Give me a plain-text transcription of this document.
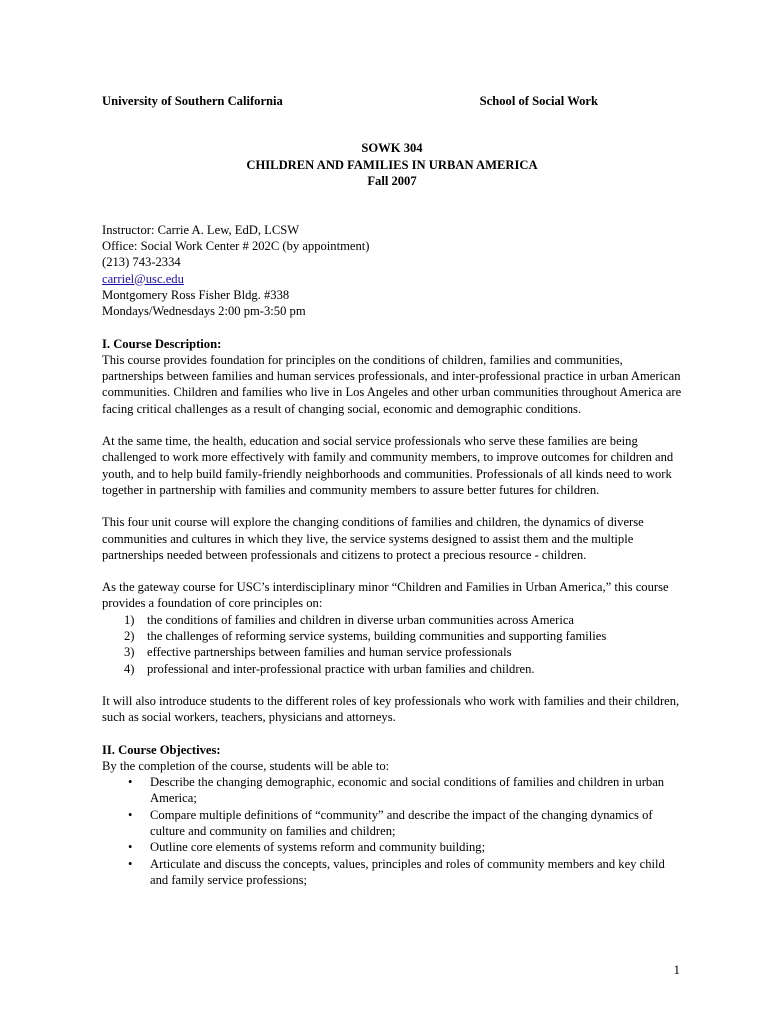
University of Southern California	School of Social Work
SOWK 304
CHILDREN AND FAMILIES IN URBAN AMERICA
Fall 2007
Instructor: Carrie A. Lew, EdD, LCSW
Office: Social Work Center # 202C (by appointment)
(213) 743-2334
carriel@usc.edu
Montgomery Ross Fisher Bldg. #338
Mondays/Wednesdays 2:00 pm-3:50 pm
I. Course Description:

This course provides foundation for principles on the conditions of children, families and communities, partnerships between families and human services professionals, and inter-professional practice in urban American communities. Children and families who live in Los Angeles and other urban communities throughout America are facing critical challenges as a result of changing social, economic and demographic conditions.

At the same time, the health, education and social service professionals who serve these families are being challenged to work more effectively with family and community members, to improve outcomes for children and youth, and to help build family-friendly neighborhoods and communities. Professionals of all kinds need to work together in partnership with families and community members to assure better futures for children.

This four unit course will explore the changing conditions of families and children, the dynamics of diverse communities and cultures in which they live, the service systems designed to assist them and the multiple partnerships needed between professionals and citizens to protect a precious resource - children.

As the gateway course for USC’s interdisciplinary minor “Children and Families in Urban America,” this course provides a foundation of core principles on:

1) the conditions of families and children in diverse urban communities across America
2) the challenges of reforming service systems, building communities and supporting families
3) effective partnerships between families and human service professionals
4) professional and inter-professional practice with urban families and children.

It will also introduce students to the different roles of key professionals who work with families and their children, such as social workers, teachers, physicians and attorneys.

II. Course Objectives:
By the completion of the course, students will be able to:
• Describe the changing demographic, economic and social conditions of families and children in urban America;
• Compare multiple definitions of “community” and describe the impact of the changing dynamics of culture and community on families and children;
• Outline core elements of systems reform and community building;
• Articulate and discuss the concepts, values, principles and roles of community members and key child and family service professions;
1
